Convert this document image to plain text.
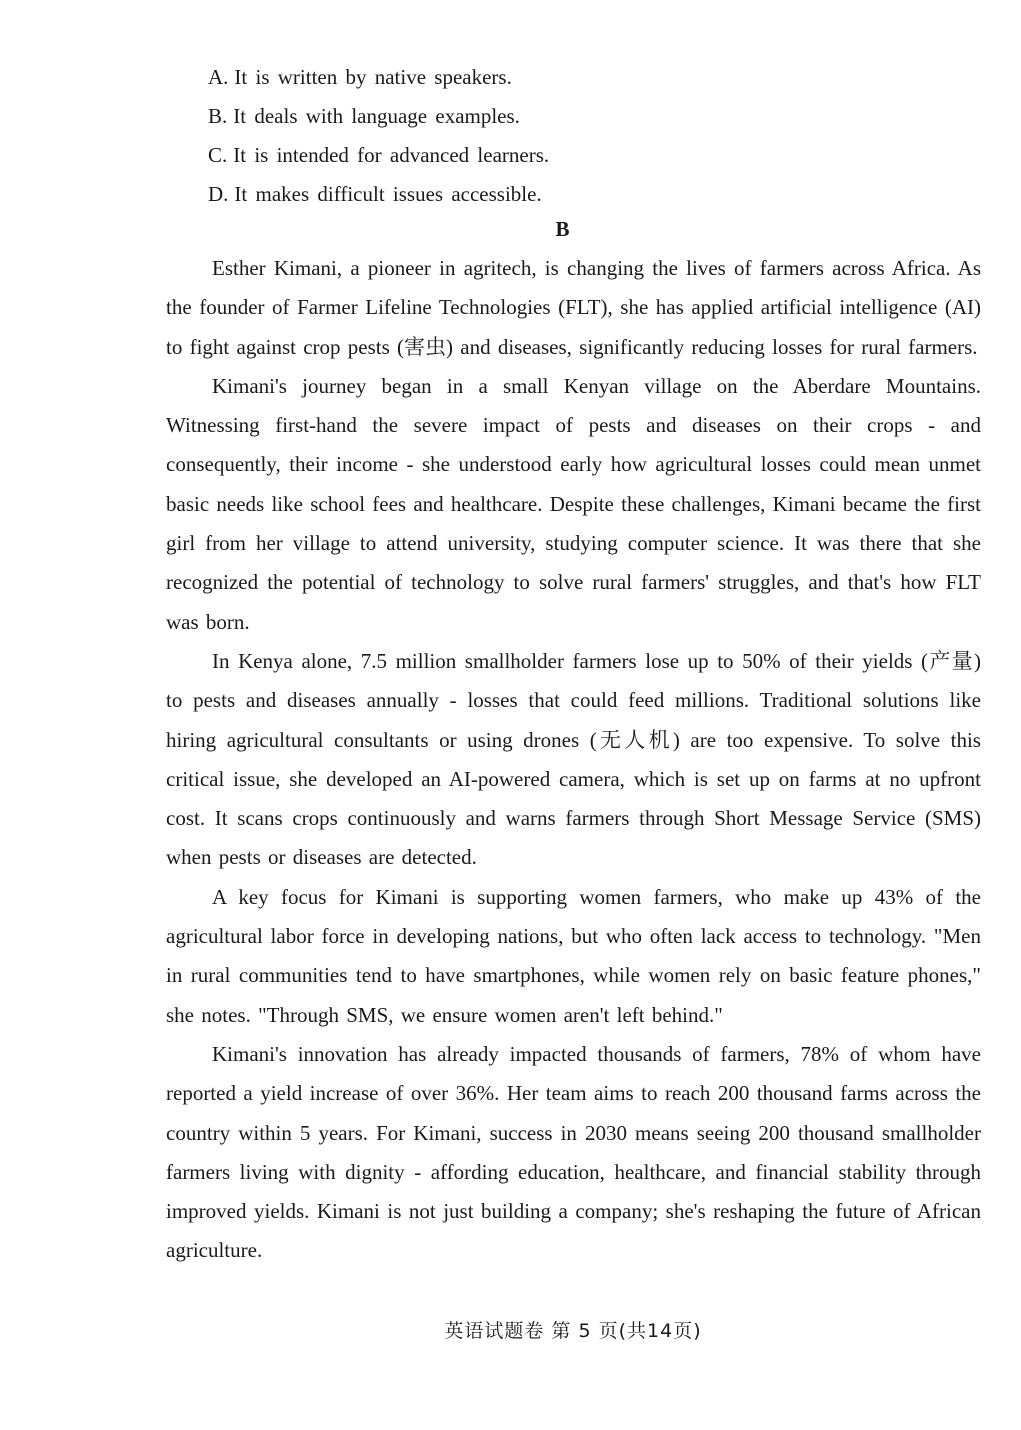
A. It is written by native speakers.
B. It deals with language examples.
C. It is intended for advanced learners.
D. It makes difficult issues accessible.
B

Esther Kimani, a pioneer in agritech, is changing the lives of farmers across Africa. As the founder of Farmer Lifeline Technologies (FLT), she has applied artificial intelligence (AI) to fight against crop pests (害虫) and diseases, significantly reducing losses for rural farmers.

Kimani's journey began in a small Kenyan village on the Aberdare Mountains. Witnessing first-hand the severe impact of pests and diseases on their crops - and consequently, their income - she understood early how agricultural losses could mean unmet basic needs like school fees and healthcare. Despite these challenges, Kimani became the first girl from her village to attend university, studying computer science. It was there that she recognized the potential of technology to solve rural farmers' struggles, and that's how FLT was born.

In Kenya alone, 7.5 million smallholder farmers lose up to 50% of their yields (产量) to pests and diseases annually - losses that could feed millions. Traditional solutions like hiring agricultural consultants or using drones (无人机) are too expensive. To solve this critical issue, she developed an AI-powered camera, which is set up on farms at no upfront cost. It scans crops continuously and warns farmers through Short Message Service (SMS) when pests or diseases are detected.

A key focus for Kimani is supporting women farmers, who make up 43% of the agricultural labor force in developing nations, but who often lack access to technology. "Men in rural communities tend to have smartphones, while women rely on basic feature phones," she notes. "Through SMS, we ensure women aren't left behind."

Kimani's innovation has already impacted thousands of farmers, 78% of whom have reported a yield increase of over 36%. Her team aims to reach 200 thousand farms across the country within 5 years. For Kimani, success in 2030 means seeing 200 thousand smallholder farmers living with dignity - affording education, healthcare, and financial stability through improved yields. Kimani is not just building a company; she's reshaping the future of African agriculture.

英语试题卷 第 5 页(共14页)
